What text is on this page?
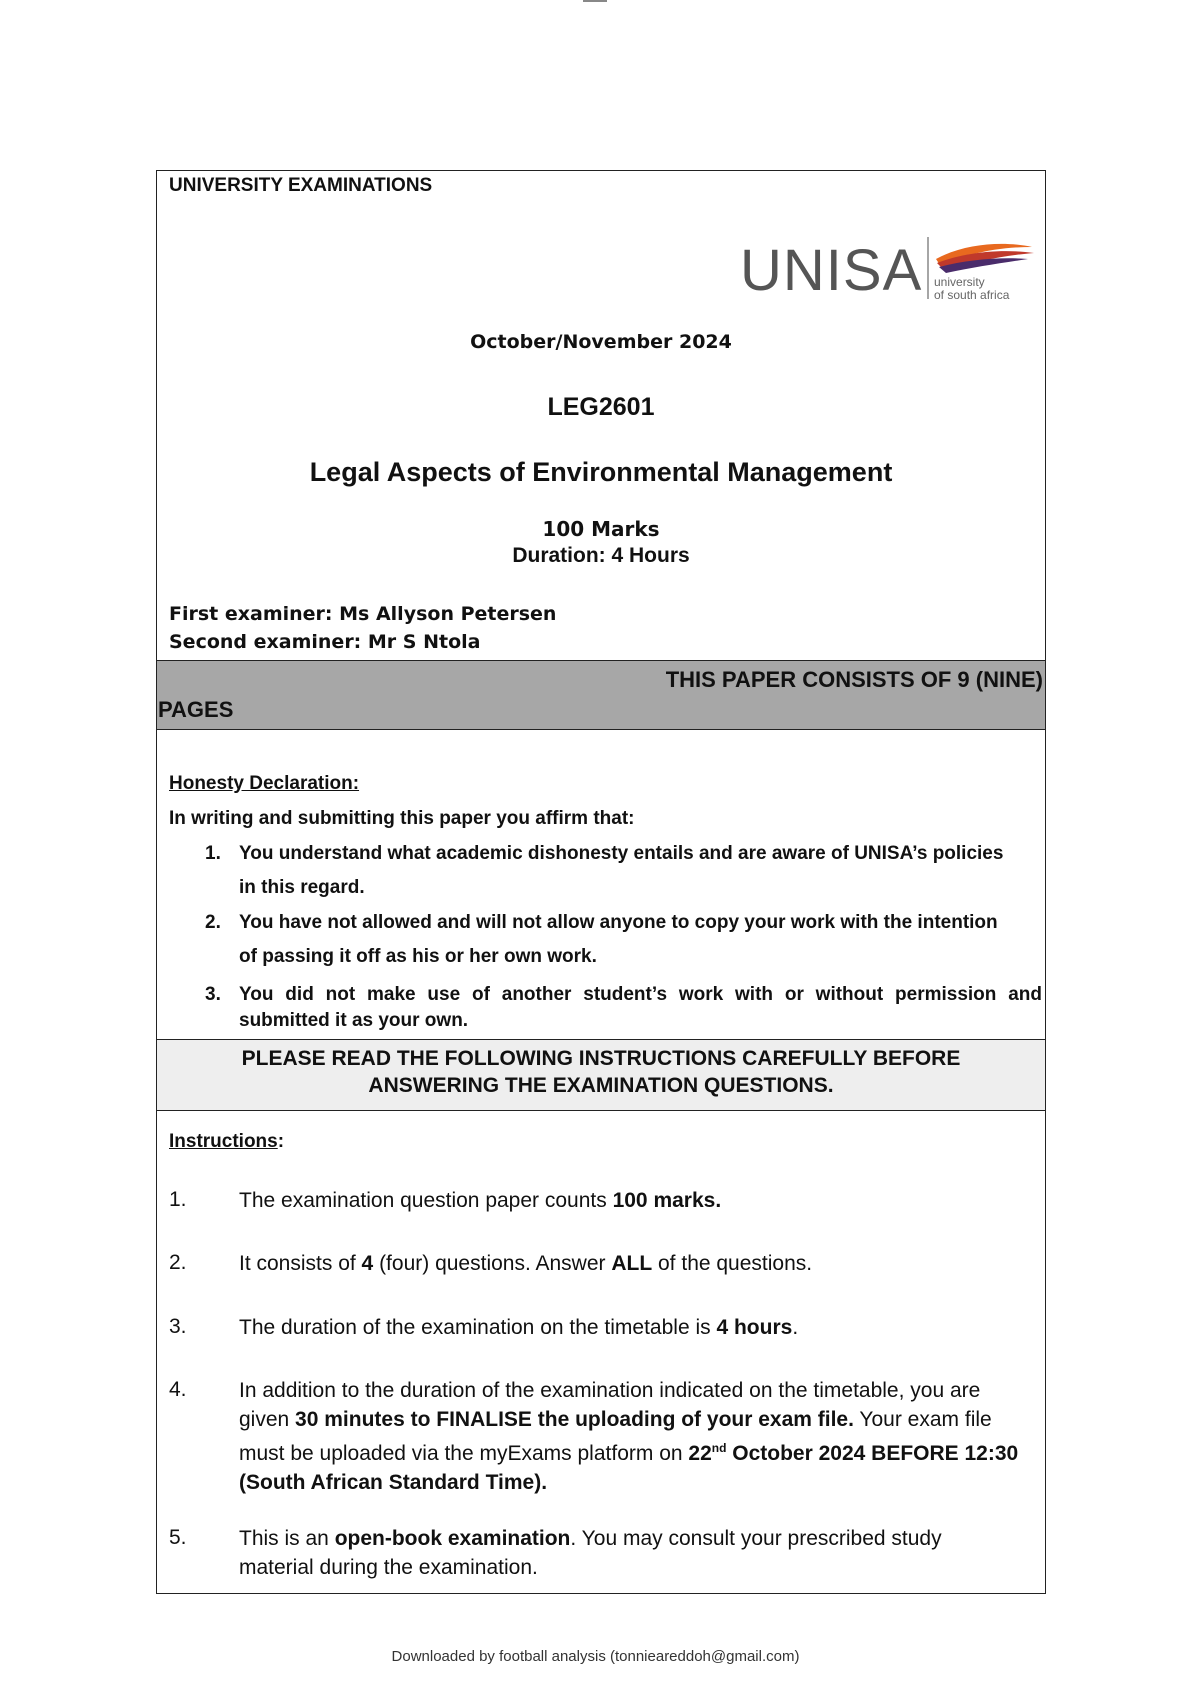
UNIVERSITY EXAMINATIONS
UNISA university
of south africa
October/November 2024
LEG2601
Legal Aspects of Environmental Management
100 Marks
Duration: 4 Hours
First examiner: Ms Allyson Petersen
Second examiner: Mr S Ntola
THIS PAPER CONSISTS OF 9 (NINE)
PAGES
Honesty Declaration:
In writing and submitting this paper you affirm that:
1. You understand what academic dishonesty entails and are aware of UNISA’s policies
in this regard.
2. You have not allowed and will not allow anyone to copy your work with the intention
of passing it off as his or her own work.
3. You did not make use of another student’s work with or without permission and
submitted it as your own.
PLEASE READ THE FOLLOWING INSTRUCTIONS CAREFULLY BEFORE
ANSWERING THE EXAMINATION QUESTIONS.
Instructions:
1. The examination question paper counts 100 marks.
2. It consists of 4 (four) questions. Answer ALL of the questions.
3. The duration of the examination on the timetable is 4 hours.
4. In addition to the duration of the examination indicated on the timetable, you are given 30 minutes to FINALISE the uploading of your exam file. Your exam file must be uploaded via the myExams platform on 22nd October 2024 BEFORE 12:30 (South African Standard Time).
5. This is an open-book examination. You may consult your prescribed study material during the examination.
Downloaded by football analysis (tonnieareddoh@gmail.com)
